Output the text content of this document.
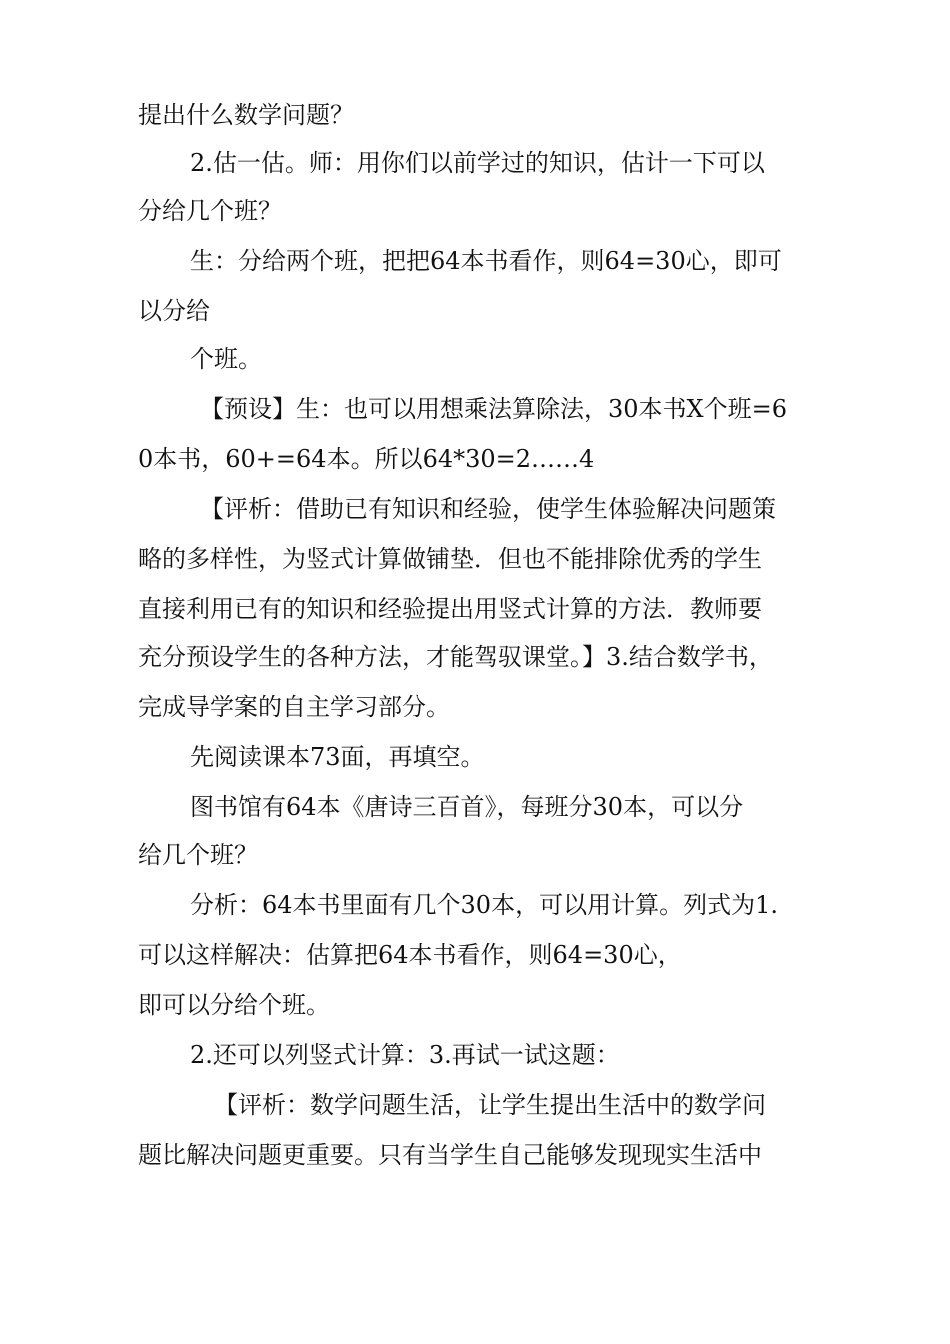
提出什么数学问题？
2.估一估。师：用你们以前学过的知识，估计一下可以
分给几个班？
生：分给两个班，把把64本书看作，则64=30心，即可
以分给
个班。
【预设】生：也可以用想乘法算除法，30本书X个班=6
0本书，60+=64本。所以64*30=2……4
【评析：借助已有知识和经验，使学生体验解决问题策
略的多样性，为竖式计算做铺垫．但也不能排除优秀的学生
直接利用已有的知识和经验提出用竖式计算的方法．教师要
充分预设学生的各种方法，才能驾驭课堂。】3.结合数学书，
完成导学案的自主学习部分。
先阅读课本73面，再填空。
图书馆有64本《唐诗三百首》，每班分30本，可以分
给几个班？
分析：64本书里面有几个30本，可以用计算。列式为1.
可以这样解决：估算把64本书看作，则64=30心，
即可以分给个班。
2.还可以列竖式计算：3.再试一试这题：
【评析：数学问题生活，让学生提出生活中的数学问
题比解决问题更重要。只有当学生自己能够发现现实生活中
